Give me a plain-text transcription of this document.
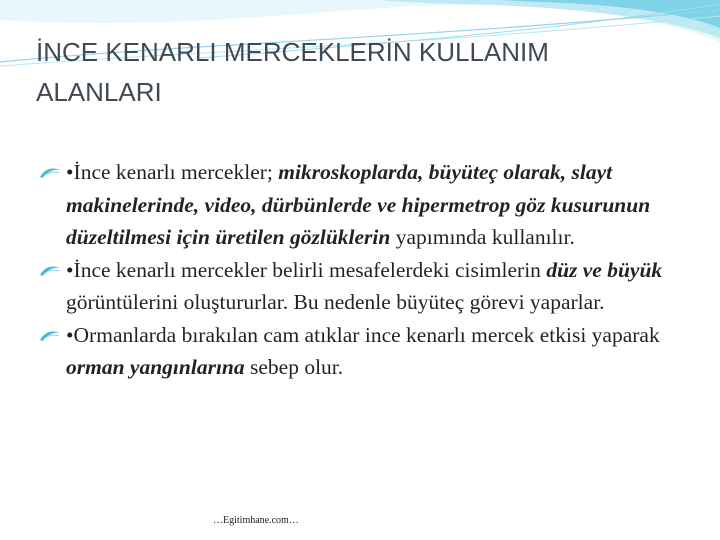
İNCE KENARLI MERCEKLERİN KULLANIM
ALANLARI

•İnce kenarlı mercekler; mikroskoplarda, büyüteç olarak, slayt makinelerinde, video, dürbünlerde ve hipermetrop göz kusurunun düzeltilmesi için üretilen gözlüklerin yapımında kullanılır.

•İnce kenarlı mercekler belirli mesafelerdeki cisimlerin düz ve büyük görüntülerini oluştururlar. Bu nedenle büyüteç görevi yaparlar.

•Ormanlarda bırakılan cam atıklar ince kenarlı mercek etkisi yaparak orman yangınlarına sebep olur.

…Egitimhane.com…
